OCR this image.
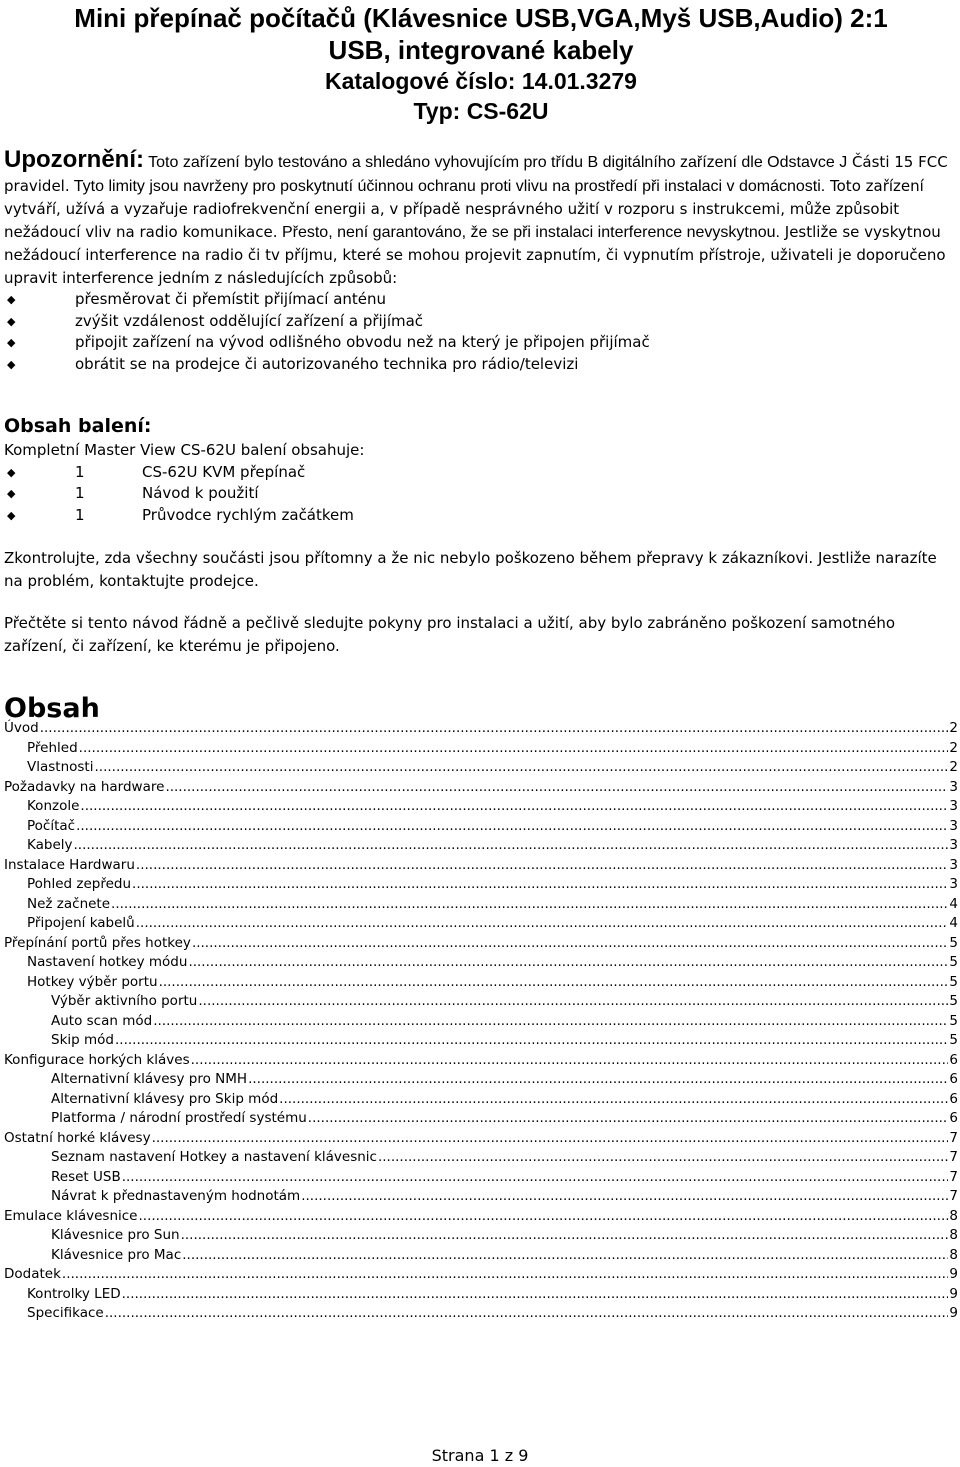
Mini přepínač počítačů (Klávesnice USB,VGA,Myš USB,Audio) 2:1
USB, integrované kabely
Katalogové číslo: 14.01.3279
Typ: CS-62U
Upozornění: Toto zařízení bylo testováno a shledáno vyhovujícím pro třídu B digitálního zařízení dle Odstavce J Části 15 FCC pravidel. Tyto limity jsou navrženy pro poskytnutí účinnou ochranu proti vlivu na prostředí při instalaci v domácnosti. Toto zařízení vytváří, užívá a vyzařuje radiofrekvenční energii a, v případě nesprávného užití v rozporu s instrukcemi, může způsobit nežádoucí vliv na radio komunikace. Přesto, není garantováno, že se při instalaci interference nevyskytnou. Jestliže se vyskytnou nežádoucí interference na radio či tv příjmu, které se mohou projevit zapnutím, či vypnutím přístroje, uživateli je doporučeno upravit interference jedním z následujících způsobů:
◆	přesměrovat či přemístit přijímací anténu
◆	zvýšit vzdálenost oddělující zařízení a přijímač
◆	připojit zařízení na vývod odlišného obvodu než na který je připojen přijímač
◆	obrátit se na prodejce či autorizovaného technika pro rádio/televizi
Obsah balení:
Kompletní Master View CS-62U balení obsahuje:
◆	1	CS-62U KVM přepínač
◆	1	Návod k použití
◆	1	Průvodce rychlým začátkem
Zkontrolujte, zda všechny součásti jsou přítomny a že nic nebylo poškozeno během přepravy k zákazníkovi. Jestliže narazíte na problém, kontaktujte prodejce.
Přečtěte si tento návod řádně a pečlivě sledujte pokyny pro instalaci a užití, aby bylo zabráněno poškození samotného zařízení, či zařízení, ke kterému je připojeno.
Obsah
Úvod .....	2
Přehled .....	2
Vlastnosti .....	2
Požadavky na hardware .....	3
Konzole .....	3
Počítač .....	3
Kabely .....	3
Instalace Hardwaru .....	3
Pohled zepředu .....	3
Než začnete .....	4
Připojení kabelů .....	4
Přepínání portů přes hotkey .....	5
Nastavení hotkey módu .....	5
Hotkey výběr portu .....	5
Výběr aktivního portu .....	5
Auto scan mód .....	5
Skip mód .....	5
Konfigurace horkých kláves .....	6
Alternativní klávesy pro NMH .....	6
Alternativní klávesy pro Skip mód .....	6
Platforma / národní prostředí systému .....	6
Ostatní horké klávesy .....	7
Seznam nastavení Hotkey a nastavení klávesnic .....	7
Reset USB .....	7
Návrat k přednastaveným hodnotám .....	7
Emulace klávesnice .....	8
Klávesnice pro Sun .....	8
Klávesnice pro Mac .....	8
Dodatek .....	9
Kontrolky LED .....	9
Specifikace .....	9
Strana 1 z 9
